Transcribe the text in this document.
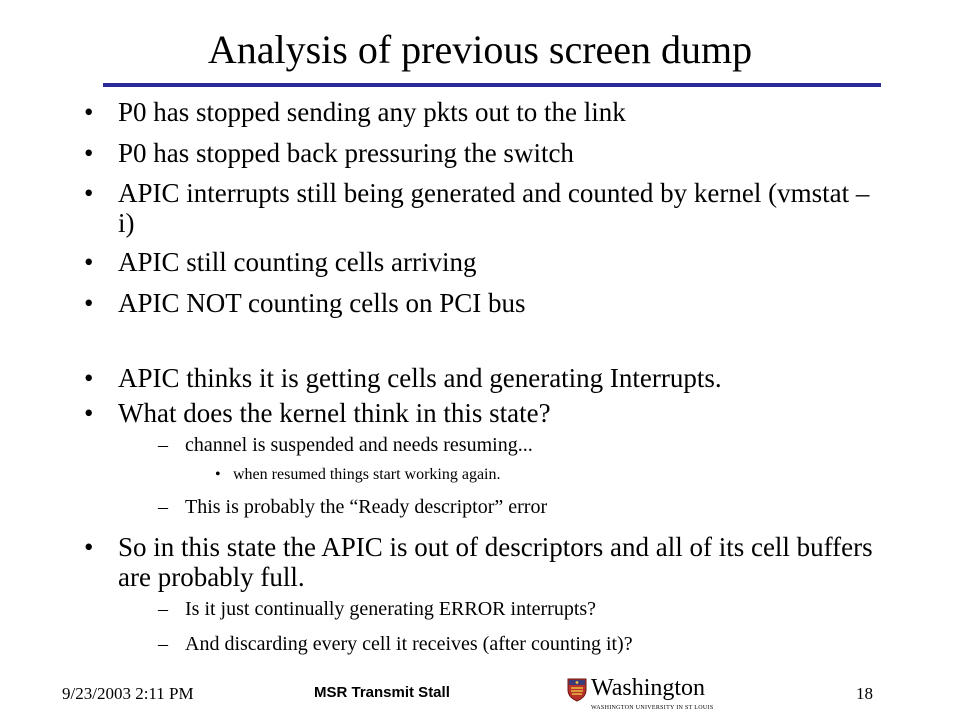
Analysis of previous screen dump
• P0 has stopped sending any pkts out to the link
• P0 has stopped back pressuring the switch
• APIC interrupts still being generated and counted by kernel (vmstat –i)
• APIC still counting cells arriving
• APIC NOT counting cells on PCI bus
• APIC thinks it is getting cells and generating Interrupts.
• What does the kernel think in this state?
– channel is suspended and needs resuming...
• when resumed things start working again.
– This is probably the “Ready descriptor” error
• So in this state the APIC is out of descriptors and all of its cell buffers are probably full.
– Is it just continually generating ERROR interrupts?
– And discarding every cell it receives (after counting it)?
9/23/2003 2:11 PM	MSR Transmit Stall	Washington
WASHINGTON UNIVERSITY IN ST LOUIS
18
